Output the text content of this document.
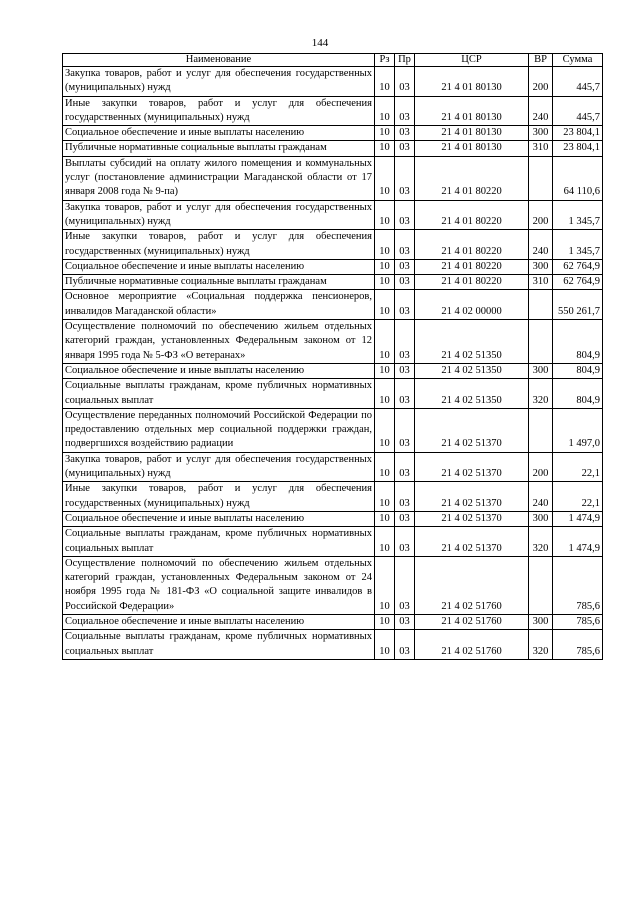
144
Наименование	Рз	Пр	ЦСР	ВР	Сумма
Закупка товаров, работ и услуг для обеспечения государственных (муниципальных) нужд	10	03	21 4 01 80130	200	445,7
Иные закупки товаров, работ и услуг для обеспечения государственных (муниципальных) нужд	10	03	21 4 01 80130	240	445,7
Социальное обеспечение и иные выплаты населению	10	03	21 4 01 80130	300	23 804,1
Публичные нормативные социальные выплаты гражданам	10	03	21 4 01 80130	310	23 804,1
Выплаты субсидий на оплату жилого помещения и коммунальных услуг (постановление администрации Магаданской области от 17 января 2008 года № 9-па)	10	03	21 4 01 80220		64 110,6
Закупка товаров, работ и услуг для обеспечения государственных (муниципальных) нужд	10	03	21 4 01 80220	200	1 345,7
Иные закупки товаров, работ и услуг для обеспечения государственных (муниципальных) нужд	10	03	21 4 01 80220	240	1 345,7
Социальное обеспечение и иные выплаты населению	10	03	21 4 01 80220	300	62 764,9
Публичные нормативные социальные выплаты гражданам	10	03	21 4 01 80220	310	62 764,9
Основное мероприятие «Социальная поддержка пенсионеров, инвалидов Магаданской области»	10	03	21 4 02 00000		550 261,7
Осуществление полномочий по обеспечению жильем отдельных категорий граждан, установленных Федеральным законом от 12 января 1995 года № 5-ФЗ «О ветеранах»	10	03	21 4 02 51350		804,9
Социальное обеспечение и иные выплаты населению	10	03	21 4 02 51350	300	804,9
Социальные выплаты гражданам, кроме публичных нормативных социальных выплат	10	03	21 4 02 51350	320	804,9
Осуществление переданных полномочий Российской Федерации по предоставлению отдельных мер социальной поддержки граждан, подвергшихся воздействию радиации	10	03	21 4 02 51370		1 497,0
Закупка товаров, работ и услуг для обеспечения государственных (муниципальных) нужд	10	03	21 4 02 51370	200	22,1
Иные закупки товаров, работ и услуг для обеспечения государственных (муниципальных) нужд	10	03	21 4 02 51370	240	22,1
Социальное обеспечение и иные выплаты населению	10	03	21 4 02 51370	300	1 474,9
Социальные выплаты гражданам, кроме публичных нормативных социальных выплат	10	03	21 4 02 51370	320	1 474,9
Осуществление полномочий по обеспечению жильем отдельных категорий граждан, установленных Федеральным законом от 24 ноября 1995 года № 181-ФЗ «О социальной защите инвалидов в Российской Федерации»	10	03	21 4 02 51760		785,6
Социальное обеспечение и иные выплаты населению	10	03	21 4 02 51760	300	785,6
Социальные выплаты гражданам, кроме публичных нормативных социальных выплат	10	03	21 4 02 51760	320	785,6
